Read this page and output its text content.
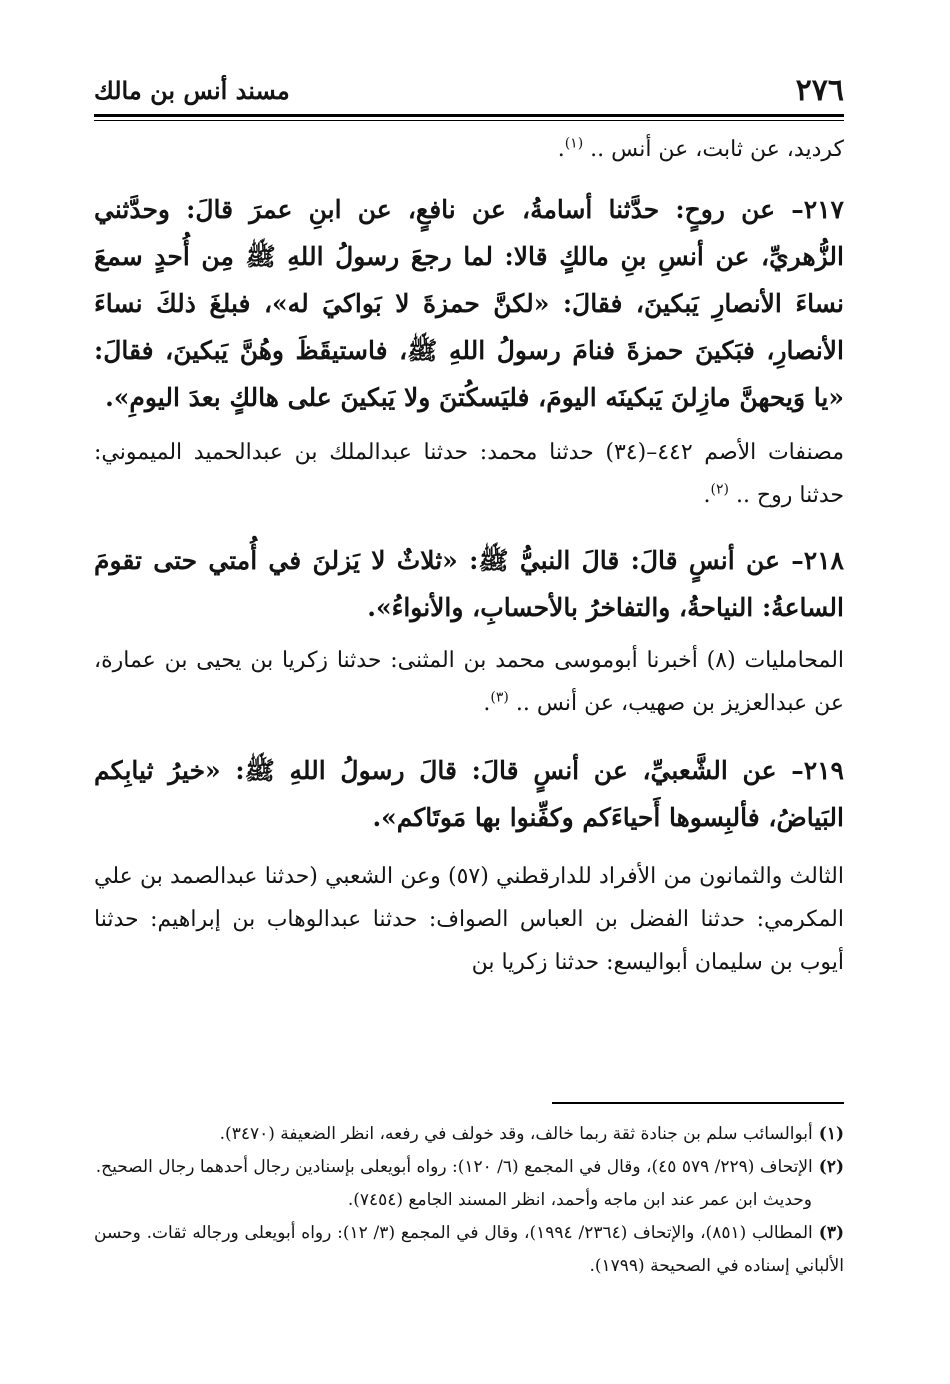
٢٧٦
مسند أنس بن مالك

كرديد، عن ثابت، عن أنس .. $^{(١)}$.

٢١٧– عن روحٍ: حدَّثنا أسامةُ، عن نافعٍ، عن ابنِ عمرَ قالَ: وحدَّثني الزُّهريِّ، عن أنسِ بنِ مالكٍ قالا: لما رجعَ رسولُ اللهِ ﷺ مِن أُحدٍ سمعَ نساءَ الأنصارِ يَبكينَ، فقالَ: «لكنَّ حمزةَ لا بَواكيَ له»، فبلغَ ذلكَ نساءَ الأنصارِ، فبَكينَ حمزةَ فنامَ رسولُ اللهِ ﷺ، فاستيقَظَ وهُنَّ يَبكينَ، فقالَ: «يا وَيحهنَّ مازِلنَ يَبكينَه اليومَ، فليَسكُتنَ ولا يَبكينَ على هالكٍ بعدَ اليومِ».

مصنفات الأصم ٤٤٢–(٣٤) حدثنا محمد: حدثنا عبدالملك بن عبدالحميد الميموني: حدثنا روح .. $^{(٢)}$.

٢١٨– عن أنسٍ قالَ: قالَ النبيُّ ﷺ: «ثلاثٌ لا يَزلنَ في أُمتي حتى تقومَ الساعةُ: النياحةُ، والتفاخرُ بالأحسابِ، والأنواءُ».

المحامليات (٨) أخبرنا أبوموسى محمد بن المثنى: حدثنا زكريا بن يحيى بن عمارة، عن عبدالعزيز بن صهيب، عن أنس .. $^{(٣)}$.

٢١٩– عن الشَّعبيِّ، عن أنسٍ قالَ: قالَ رسولُ اللهِ ﷺ: «خيرُ ثيابِكم البَياضُ، فألبِسوها أَحياءَكم وكفِّنوا بها مَوتَاكم».

الثالث والثمانون من الأفراد للدارقطني (٥٧) وعن الشعبي (حدثنا عبدالصمد بن علي المكرمي: حدثنا الفضل بن العباس الصواف: حدثنا عبدالوهاب بن إبراهيم: حدثنا أيوب بن سليمان أبواليسع: حدثنا زكريا بن

(١)أبوالسائب سلم بن جنادة ثقة ربما خالف، وقد خولف في رفعه، انظر الضعيفة (٣٤٧٠).

(٢)الإتحاف (٢٢٩/ ٥٧٩ ٤٥)، وقال في المجمع (٦/ ١٢٠): رواه أبويعلى بإسنادين رجال أحدهما رجال الصحيح.

وحديث ابن عمر عند ابن ماجه وأحمد، انظر المسند الجامع (٧٤٥٤).

(٣)المطالب (٨٥١)، والإتحاف (٢٣٦٤/ ١٩٩٤)، وقال في المجمع (٣/ ١٢): رواه أبويعلى ورجاله ثقات. وحسن الألباني إسناده في الصحيحة (١٧٩٩).
